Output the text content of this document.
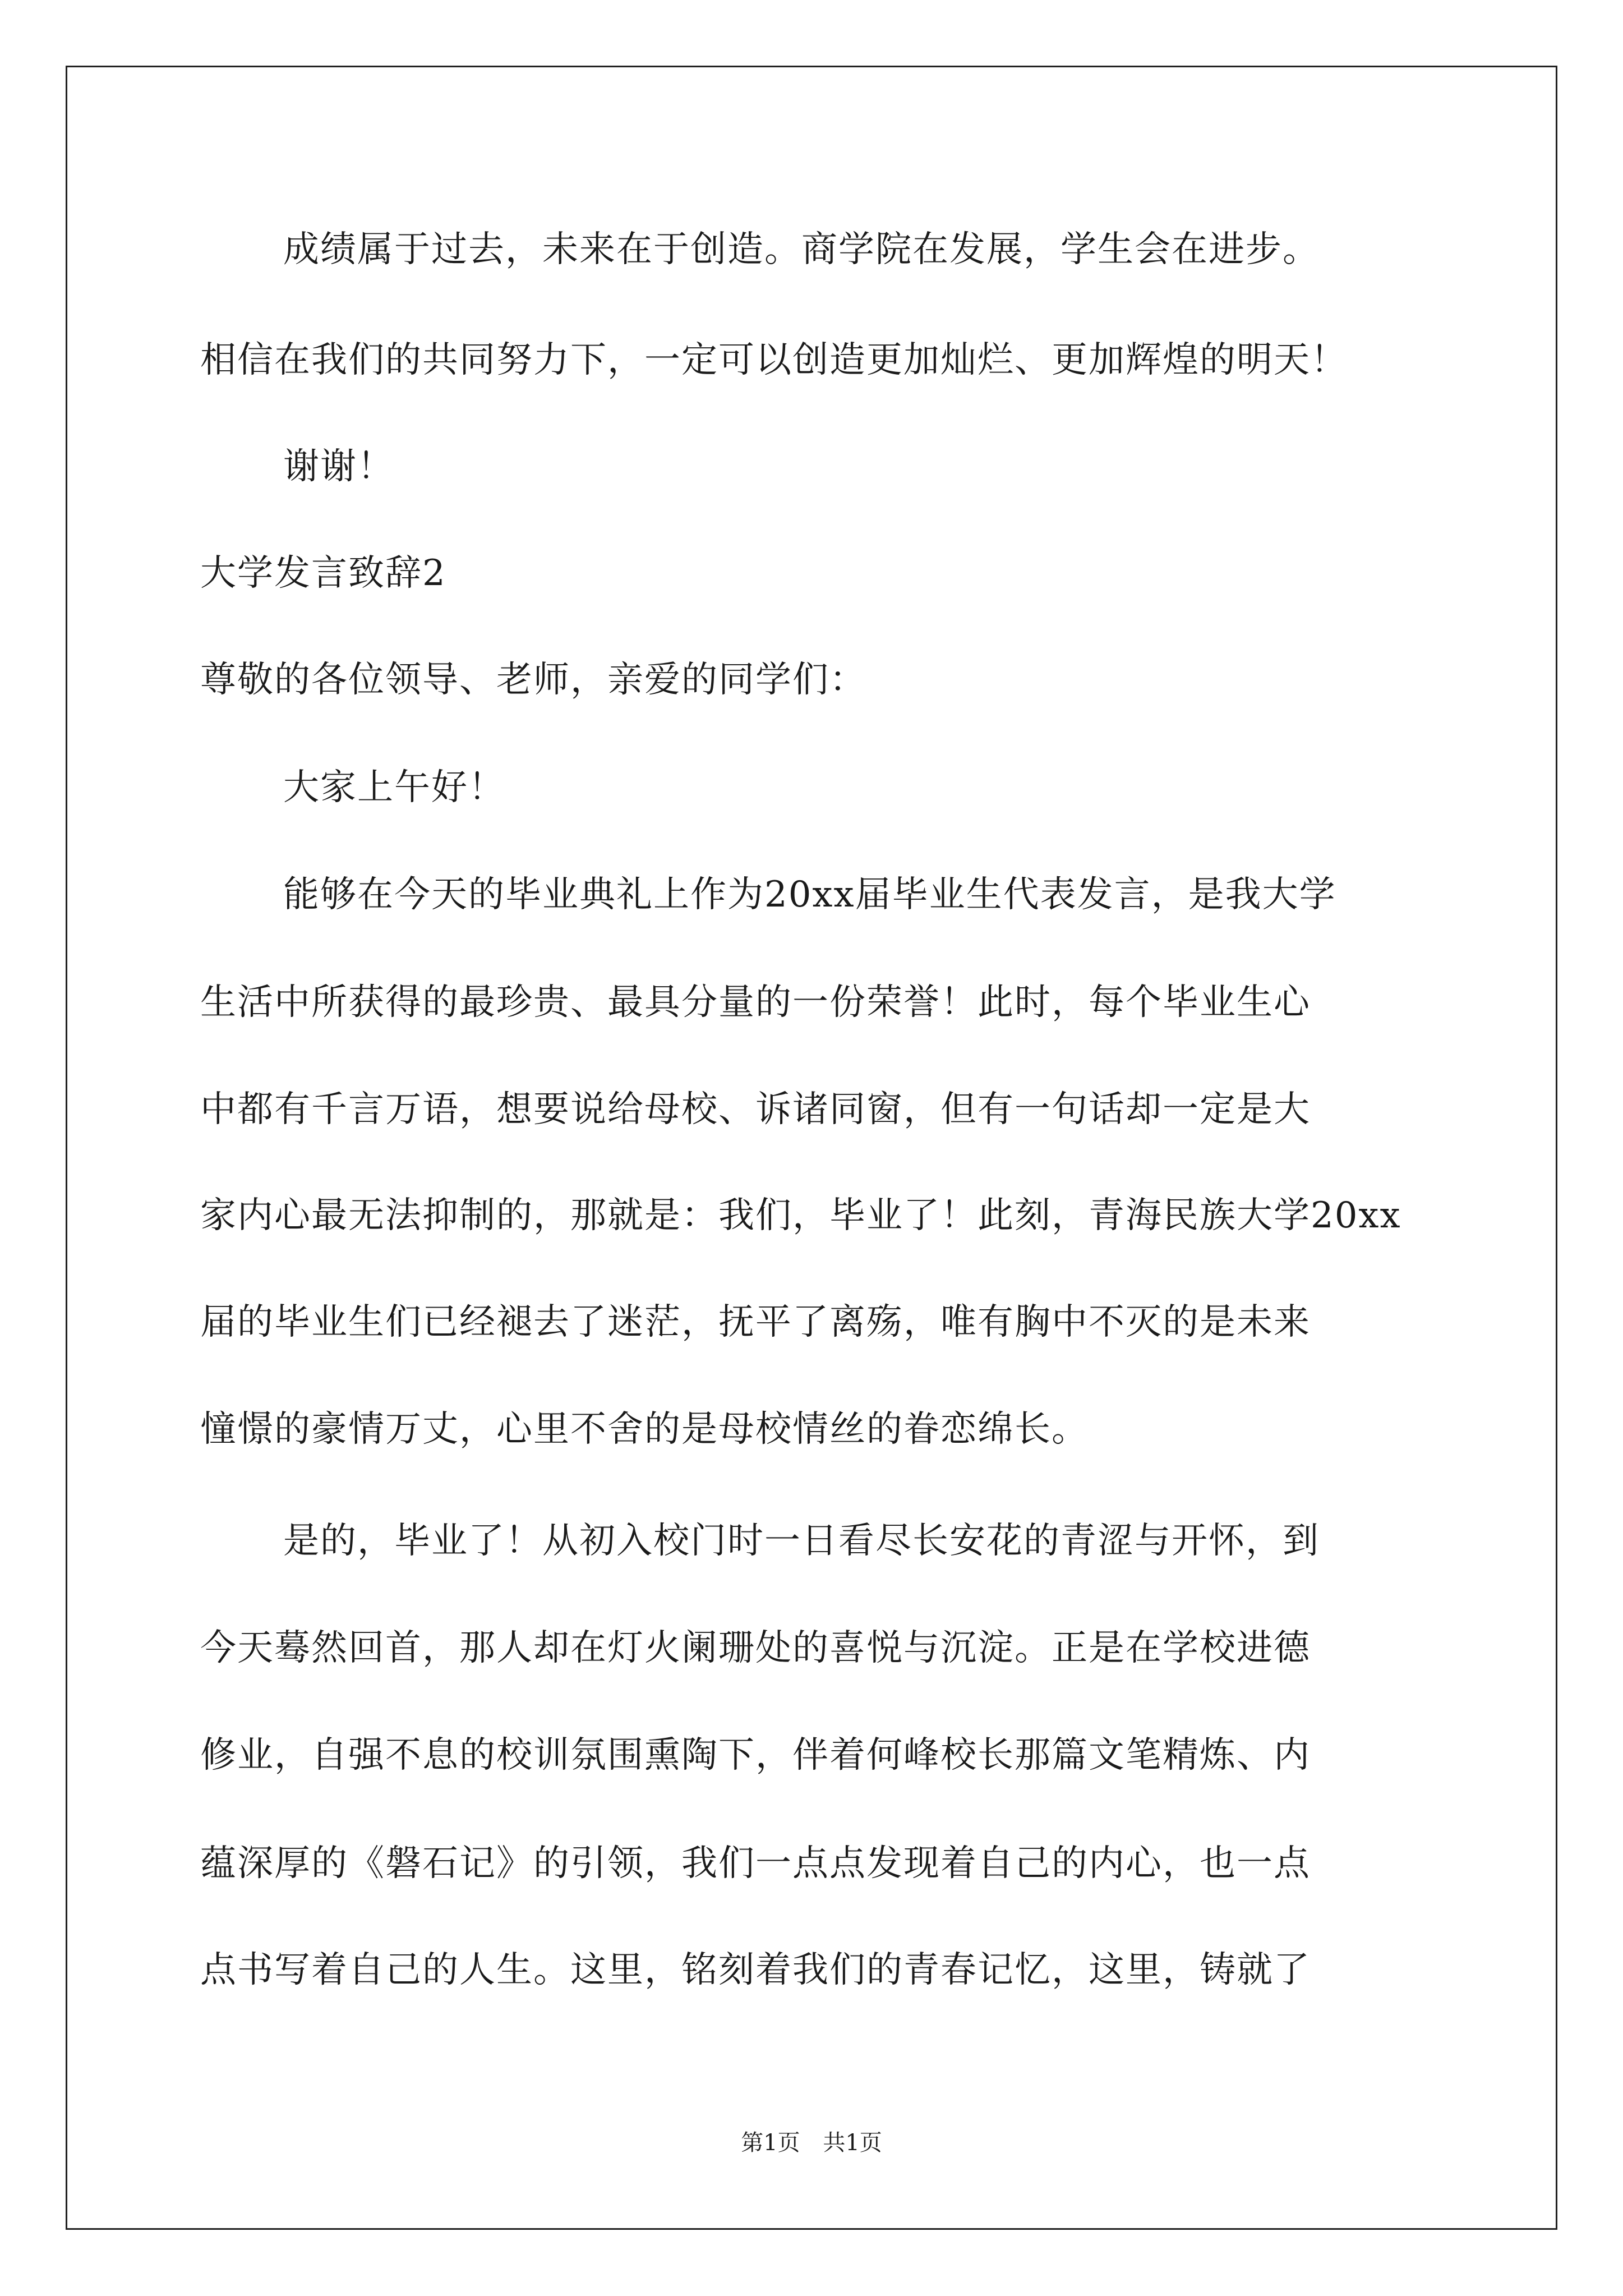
成绩属于过去，未来在于创造。商学院在发展，学生会在进步。
相信在我们的共同努力下，一定可以创造更加灿烂、更加辉煌的明天！
谢谢！
大学发言致辞2
尊敬的各位领导、老师，亲爱的同学们：
大家上午好！
能够在今天的毕业典礼上作为20xx届毕业生代表发言，是我大学
生活中所获得的最珍贵、最具分量的一份荣誉！此时，每个毕业生心
中都有千言万语，想要说给母校、诉诸同窗，但有一句话却一定是大
家内心最无法抑制的，那就是：我们，毕业了！此刻，青海民族大学20xx
届的毕业生们已经褪去了迷茫，抚平了离殇，唯有胸中不灭的是未来
憧憬的豪情万丈，心里不舍的是母校情丝的眷恋绵长。
是的，毕业了！从初入校门时一日看尽长安花的青涩与开怀，到
今天蓦然回首，那人却在灯火阑珊处的喜悦与沉淀。正是在学校进德
修业，自强不息的校训氛围熏陶下，伴着何峰校长那篇文笔精炼、内
蕴深厚的《磐石记》的引领，我们一点点发现着自己的内心，也一点
点书写着自己的人生。这里，铭刻着我们的青春记忆，这里，铸就了
第1页 共1页
